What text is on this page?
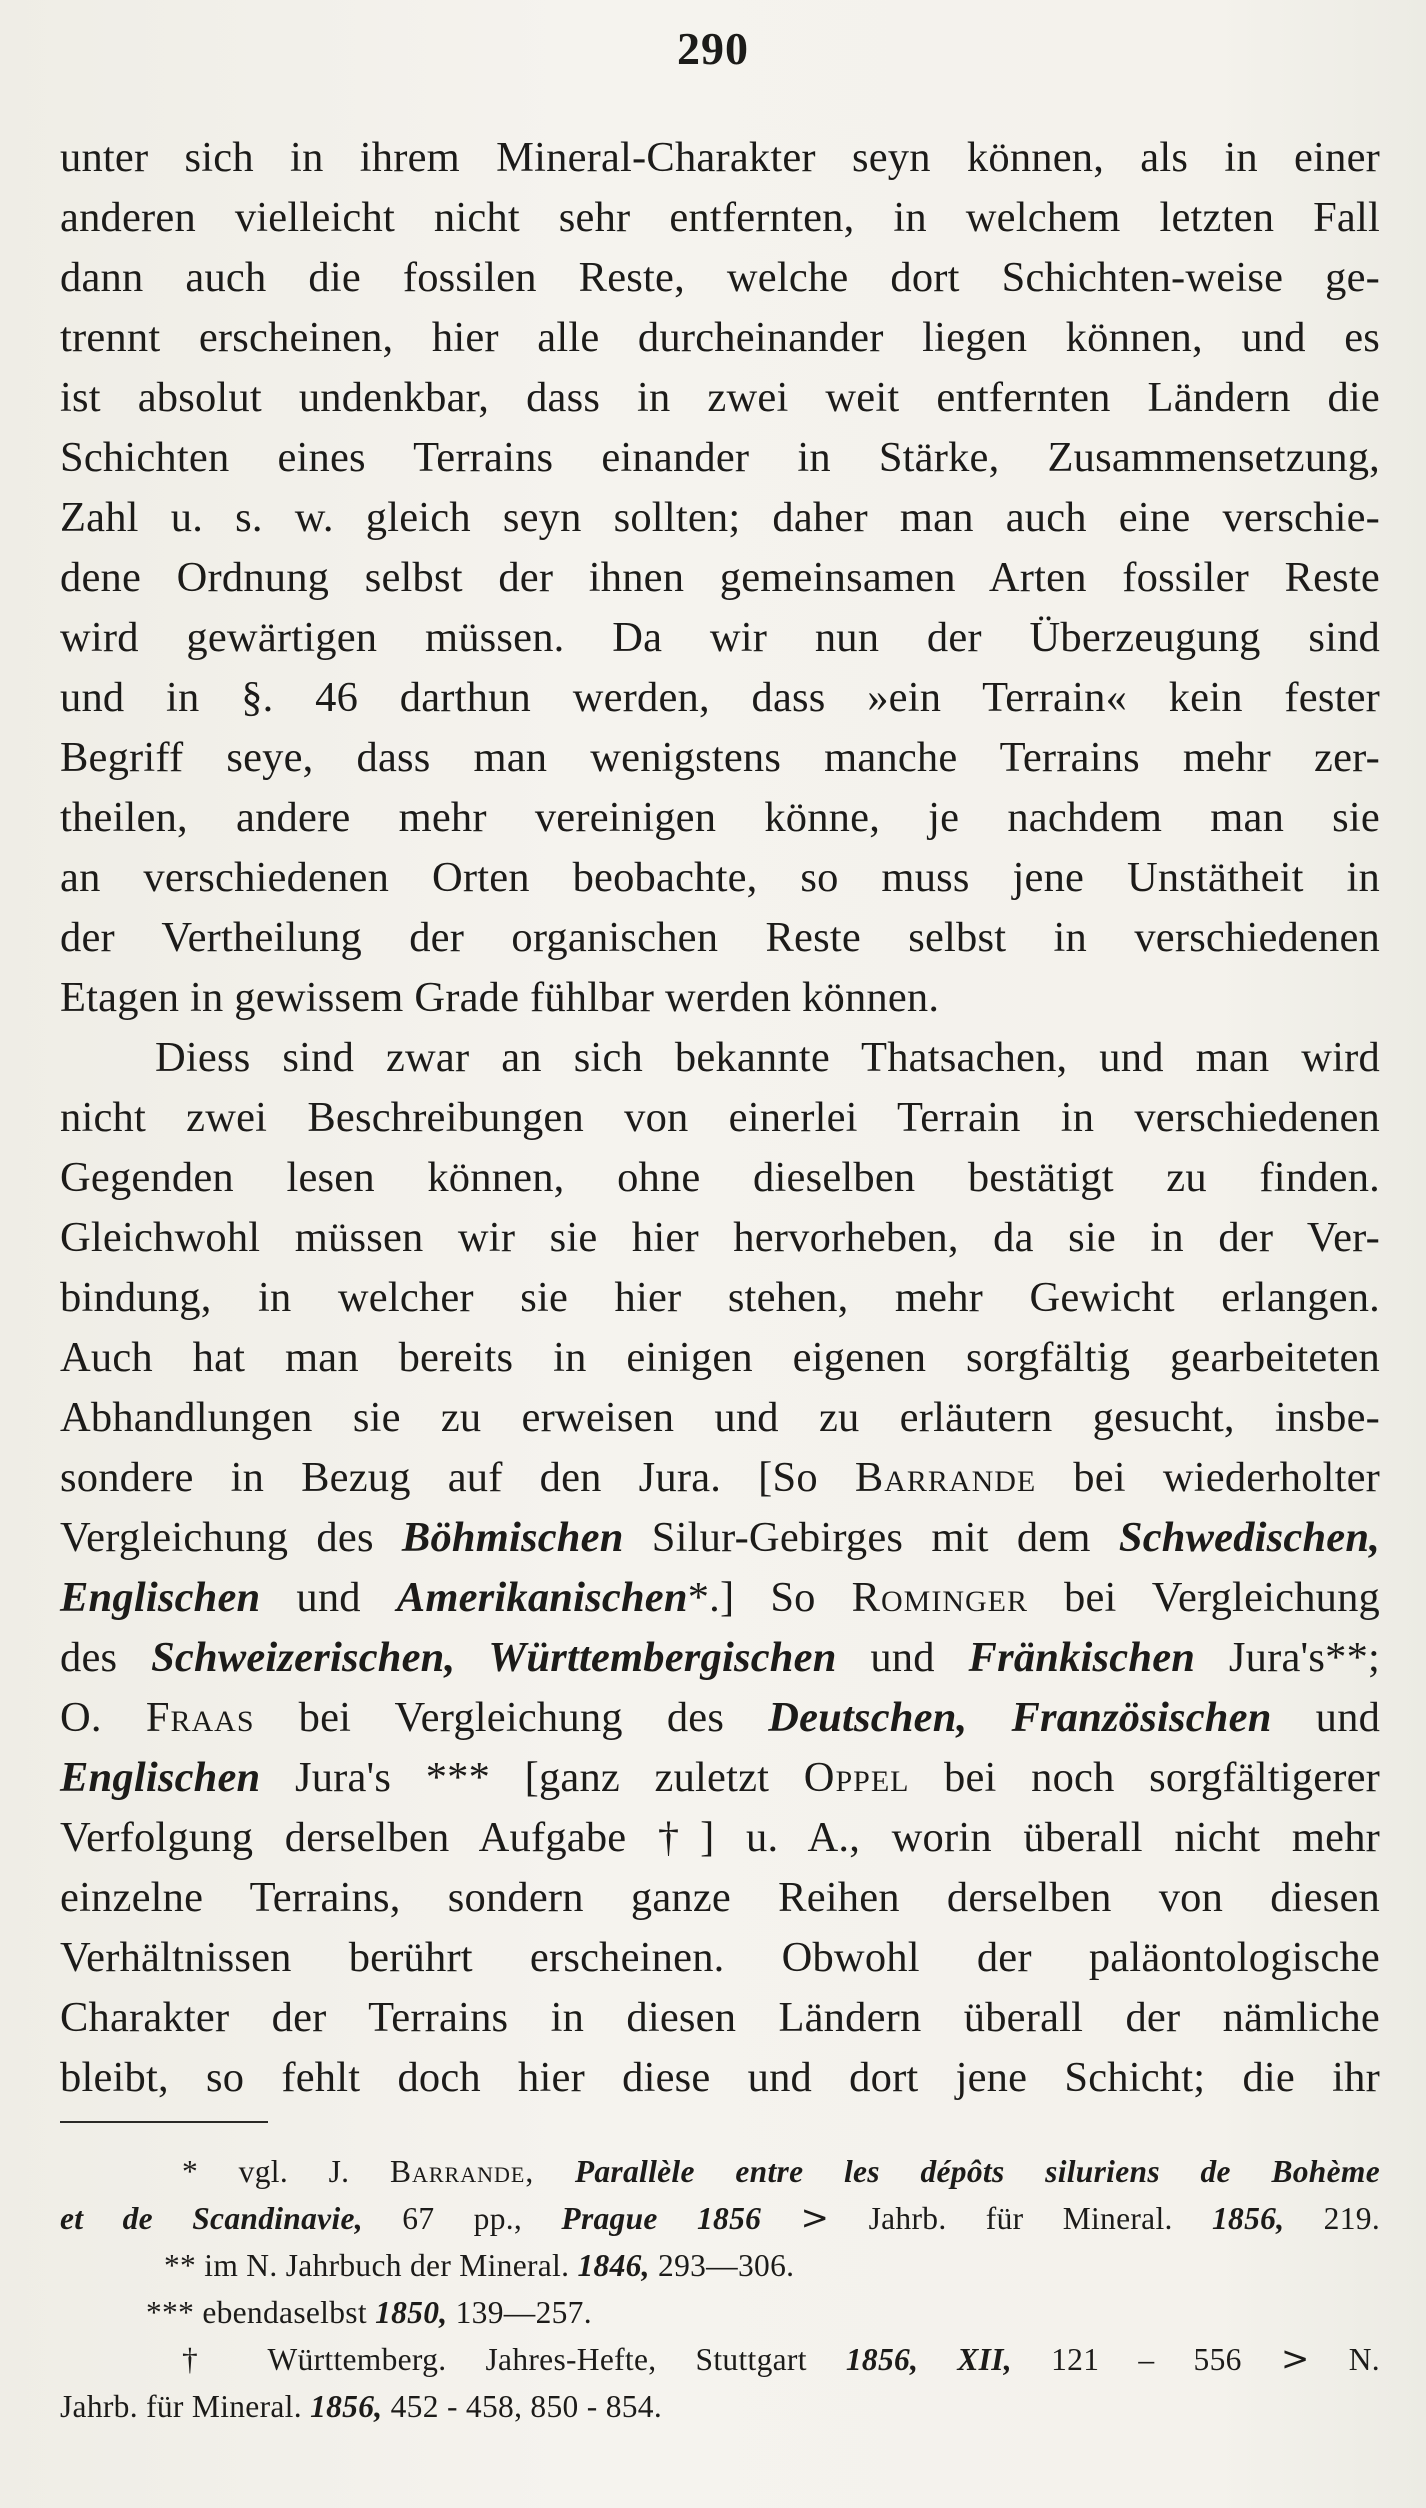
290
unter sich in ihrem Mineral-Charakter seyn können, als in einer
anderen vielleicht nicht sehr entfernten, in welchem letzten Fall
dann auch die fossilen Reste, welche dort Schichten-weise ge-
trennt erscheinen, hier alle durcheinander liegen können, und es
ist absolut undenkbar, dass in zwei weit entfernten Ländern die
Schichten eines Terrains einander in Stärke, Zusammensetzung,
Zahl u. s. w. gleich seyn sollten; daher man auch eine verschie-
dene Ordnung selbst der ihnen gemeinsamen Arten fossiler Reste
wird gewärtigen müssen. Da wir nun der Überzeugung sind
und in §. 46 darthun werden, dass »ein Terrain« kein fester
Begriff seye, dass man wenigstens manche Terrains mehr zer-
theilen, andere mehr vereinigen könne, je nachdem man sie
an verschiedenen Orten beobachte, so muss jene Unstätheit in
der Vertheilung der organischen Reste selbst in verschiedenen
Etagen in gewissem Grade fühlbar werden können.
Diess sind zwar an sich bekannte Thatsachen, und man wird
nicht zwei Beschreibungen von einerlei Terrain in verschiedenen
Gegenden lesen können, ohne dieselben bestätigt zu finden.
Gleichwohl müssen wir sie hier hervorheben, da sie in der Ver-
bindung, in welcher sie hier stehen, mehr Gewicht erlangen.
Auch hat man bereits in einigen eigenen sorgfältig gearbeiteten
Abhandlungen sie zu erweisen und zu erläutern gesucht, insbe-
sondere in Bezug auf den Jura. [So Barrande bei wiederholter
Vergleichung des Böhmischen Silur-Gebirges mit dem Schwedischen,
Englischen und Amerikanischen*.] So Rominger bei Vergleichung
des Schweizerischen, Württembergischen und Fränkischen Jura's**;
O. Fraas bei Vergleichung des Deutschen, Französischen und
Englischen Jura's *** [ganz zuletzt Oppel bei noch sorgfältigerer
Verfolgung derselben Aufgabe †] u. A., worin überall nicht mehr
einzelne Terrains, sondern ganze Reihen derselben von diesen
Verhältnissen berührt erscheinen. Obwohl der paläontologische
Charakter der Terrains in diesen Ländern überall der nämliche
bleibt, so fehlt doch hier diese und dort jene Schicht; die ihr
* vgl. J. Barrande, Parallèle entre les dépôts siluriens de Bohème
et de Scandinavie, 67 pp., Prague 1856 > Jahrb. für Mineral. 1856, 219.
** im N. Jahrbuch der Mineral. 1846, 293—306.
*** ebendaselbst 1850, 139—257.
† Württemberg. Jahres-Hefte, Stuttgart 1856, XII, 121 – 556 > N.
Jahrb. für Mineral. 1856, 452 - 458, 850 - 854.
